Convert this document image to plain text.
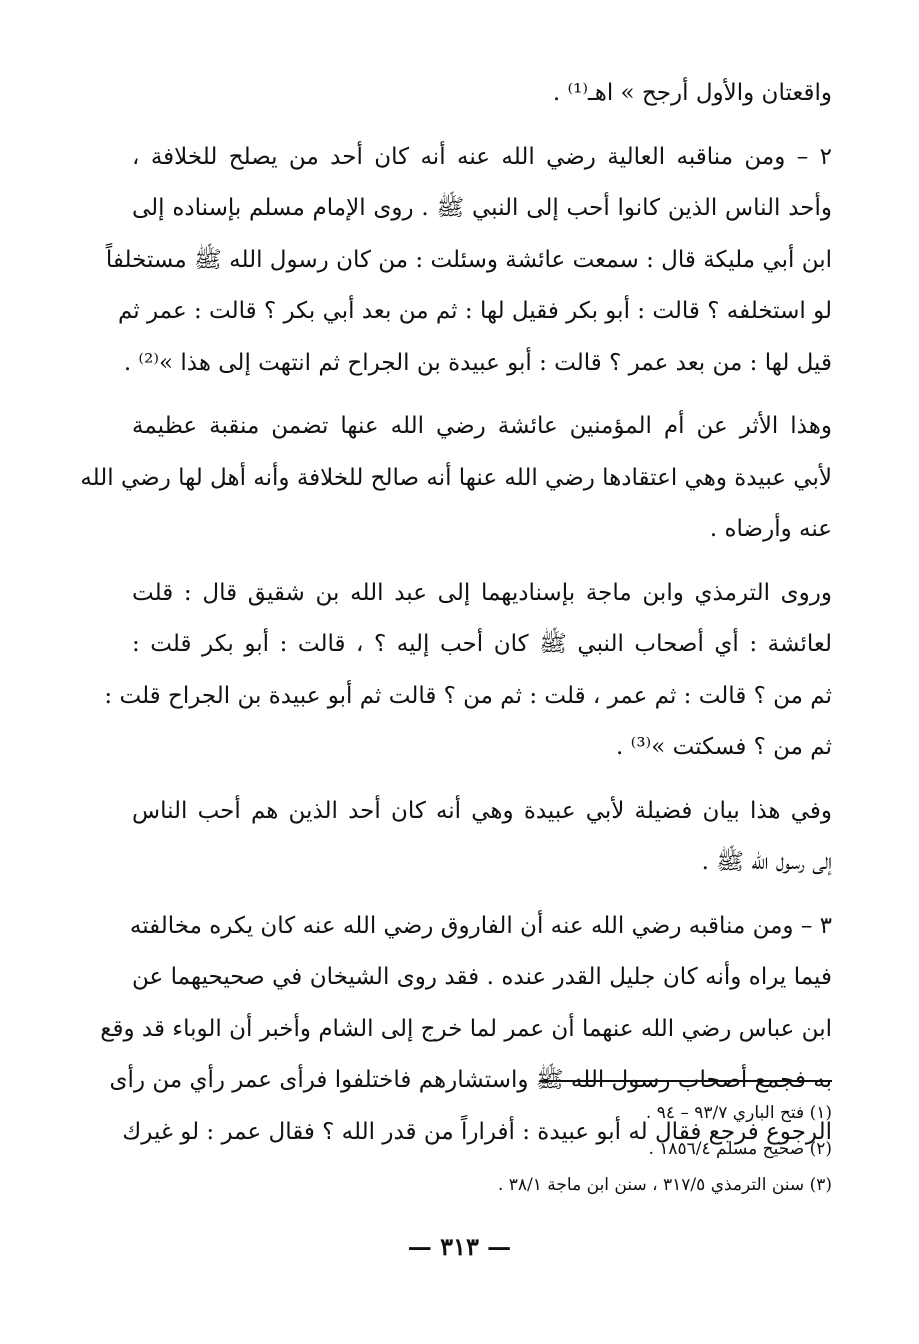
واقعتان والأول أرجح » اهـ⁽¹⁾ .
٢ – ومن مناقبه العالية رضي الله عنه أنه كان أحد من يصلح للخلافة ،
وأحد الناس الذين كانوا أحب إلى النبي ﷺ . روى الإمام مسلم بإسناده إلى
ابن أبي مليكة قال : سمعت عائشة وسئلت : من كان رسول الله ﷺ مستخلفاً
لو استخلفه ؟ قالت : أبو بكر فقيل لها : ثم من بعد أبي بكر ؟ قالت : عمر ثم
قيل لها : من بعد عمر ؟ قالت : أبو عبيدة بن الجراح ثم انتهت إلى هذا »⁽²⁾ .
وهذا الأثر عن أم المؤمنين عائشة رضي الله عنها تضمن منقبة عظيمة
لأبي عبيدة وهي اعتقادها رضي الله عنها أنه صالح للخلافة وأنه أهل لها رضي الله
عنه وأرضاه .
وروى الترمذي وابن ماجة بإسناديهما إلى عبد الله بن شقيق قال : قلت
لعائشة : أي أصحاب النبي ﷺ كان أحب إليه ؟ ، قالت : أبو بكر قلت :
ثم من ؟ قالت : ثم عمر ، قلت : ثم من ؟ قالت ثم أبو عبيدة بن الجراح قلت :
ثم من ؟ فسكتت »⁽³⁾ .
وفي هذا بيان فضيلة لأبي عبيدة وهي أنه كان أحد الذين هم أحب الناس
إلى رسول الله ﷺ .
٣ – ومن مناقبه رضي الله عنه أن الفاروق رضي الله عنه كان يكره مخالفته
فيما يراه وأنه كان جليل القدر عنده . فقد روى الشيخان في صحيحيهما عن
ابن عباس رضي الله عنهما أن عمر لما خرج إلى الشام وأخبر أن الوباء قد وقع
به فجمع أصحاب رسول الله ﷺ واستشارهم فاختلفوا فرأى عمر رأي من رأى
الرجوع فرجع فقال له أبو عبيدة : أفراراً من قدر الله ؟ فقال عمر : لو غيرك
(١) فتح الباري ٩٣/٧ – ٩٤ .
(٢) صحيح مسلم ١٨٥٦/٤ .
(٣) سنن الترمذي ٣١٧/٥ ، سنن ابن ماجة ٣٨/١ .
— ٣١٣ —
